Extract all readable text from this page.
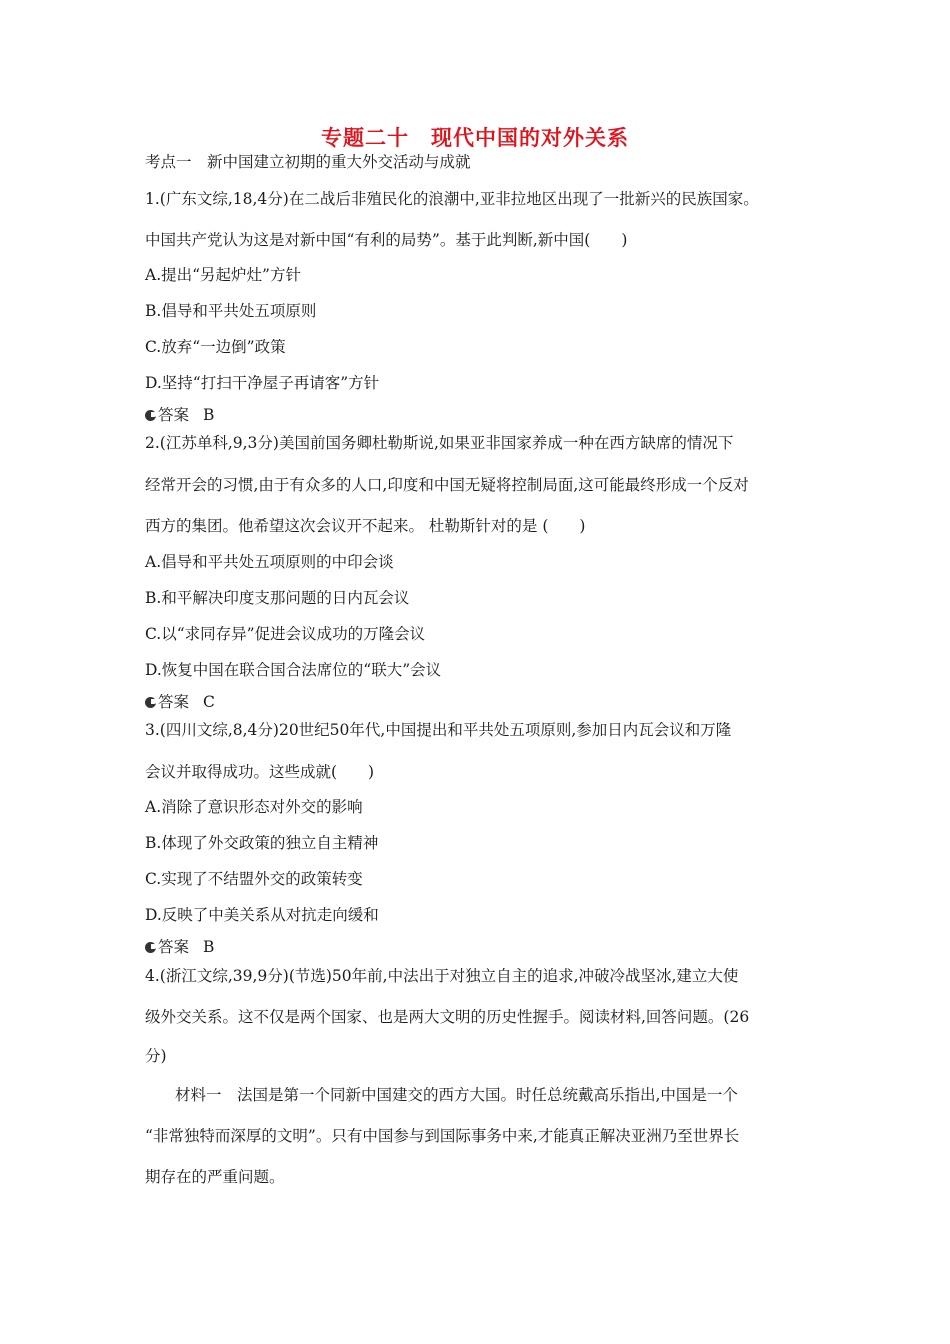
专题二十　现代中国的对外关系
考点一　新中国建立初期的重大外交活动与成就
1.(广东文综,18,4分)在二战后非殖民化的浪潮中,亚非拉地区出现了一批新兴的民族国家。
中国共产党认为这是对新中国“有利的局势”。基于此判断,新中国(　　)
A.提出“另起炉灶”方针
B.倡导和平共处五项原则
C.放弃“一边倒”政策
D.坚持“打扫干净屋子再请客”方针
答案 B
2.(江苏单科,9,3分)美国前国务卿杜勒斯说,如果亚非国家养成一种在西方缺席的情况下
经常开会的习惯,由于有众多的人口,印度和中国无疑将控制局面,这可能最终形成一个反对
西方的集团。他希望这次会议开不起来。 杜勒斯针对的是 (　　)
A.倡导和平共处五项原则的中印会谈
B.和平解决印度支那问题的日内瓦会议
C.以“求同存异”促进会议成功的万隆会议
D.恢复中国在联合国合法席位的“联大”会议
答案 C
3.(四川文综,8,4分)20世纪50年代,中国提出和平共处五项原则,参加日内瓦会议和万隆
会议并取得成功。这些成就(　　)
A.消除了意识形态对外交的影响
B.体现了外交政策的独立自主精神
C.实现了不结盟外交的政策转变
D.反映了中美关系从对抗走向缓和
答案 B
4.(浙江文综,39,9分)(节选)50年前,中法出于对独立自主的追求,冲破冷战坚冰,建立大使
级外交关系。这不仅是两个国家、也是两大文明的历史性握手。阅读材料,回答问题。(26
分)
材料一　法国是第一个同新中国建交的西方大国。时任总统戴高乐指出,中国是一个
“非常独特而深厚的文明”。只有中国参与到国际事务中来,才能真正解决亚洲乃至世界长
期存在的严重问题。
